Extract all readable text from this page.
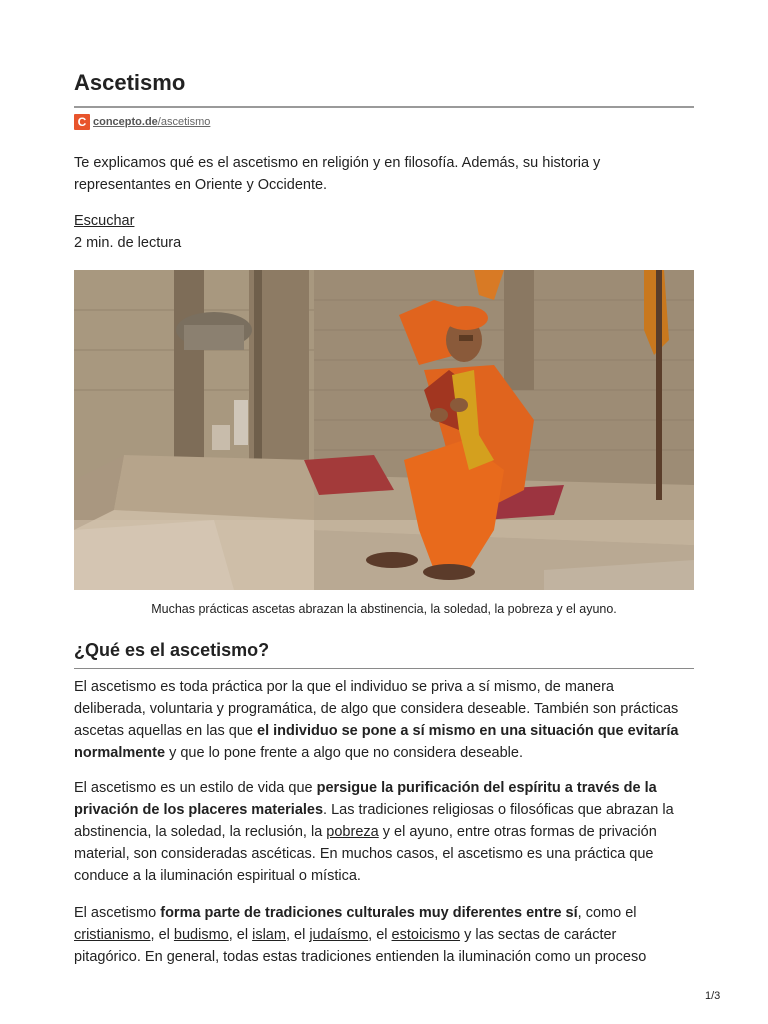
Ascetismo
C concepto.de/ascetismo

Te explicamos qué es el ascetismo en religión y en filosofía. Además, su historia y representantes en Oriente y Occidente.

Escuchar

2 min. de lectura

Muchas prácticas ascetas abrazan la abstinencia, la soledad, la pobreza y el ayuno.

¿Qué es el ascetismo?

El ascetismo es toda práctica por la que el individuo se priva a sí mismo, de manera deliberada, voluntaria y programática, de algo que considera deseable. También son prácticas ascetas aquellas en las que el individuo se pone a sí mismo en una situación que evitaría normalmente y que lo pone frente a algo que no considera deseable.

El ascetismo es un estilo de vida que persigue la purificación del espíritu a través de la privación de los placeres materiales. Las tradiciones religiosas o filosóficas que abrazan la abstinencia, la soledad, la reclusión, la pobreza y el ayuno, entre otras formas de privación material, son consideradas ascéticas. En muchos casos, el ascetismo es una práctica que conduce a la iluminación espiritual o mística.

El ascetismo forma parte de tradiciones culturales muy diferentes entre sí, como el cristianismo, el budismo, el islam, el judaísmo, el estoicismo y las sectas de carácter pitagórico. En general, todas estas tradiciones entienden la iluminación como un proceso

1/3
